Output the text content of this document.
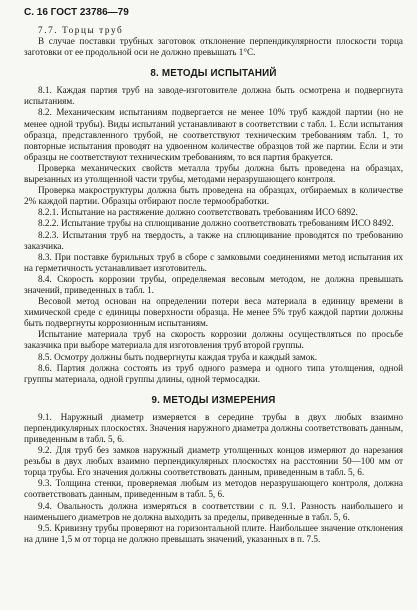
С. 16 ГОСТ 23786—79

7.7. Торцы труб

В случае поставки трубных заготовок отклонение перпендикулярности плоскости торца заготовки от ее продольной оси не должно превышать 1°С.

8. МЕТОДЫ ИСПЫТАНИЙ

8.1. Каждая партия труб на заводе-изготовителе должна быть осмотрена и подвергнута испытаниям.

8.2. Механическим испытаниям подвергается не менее 10% труб каждой партии (но не менее одной трубы). Виды испытаний устанавливают в соответствии с табл. 1. Если испытания образца, представленного трубой, не соответствуют техническим требованиям табл. 1, то повторные испытания проводят на удвоенном количестве образцов той же партии. Если и эти образцы не соответствуют техническим требованиям, то вся партия бракуется.

Проверка механических свойств металла трубы должна быть проведена на образцах, вырезанных из утолщенной части трубы, методами неразрушающего контроля.

Проверка макроструктуры должна быть проведена на образцах, отбираемых в количестве 2% каждой партии. Образцы отбирают после термообработки.

8.2.1. Испытание на растяжение должно соответствовать требованиям ИСО 6892.

8.2.2. Испытание трубы на сплющивание должно соответствовать требованиям ИСО 8492.

8.2.3. Испытания труб на твердость, а также на сплющивание проводятся по требованию заказчика.

8.3. При поставке бурильных труб в сборе с замковыми соединениями метод испытания их на герметичность устанавливает изготовитель.

8.4. Скорость коррозии трубы, определяемая весовым методом, не должна превышать значений, приведенных в табл. 1.

Весовой метод основан на определении потери веса материала в единицу времени в химической среде с единицы поверхности образца. Не менее 5% труб каждой партии должны быть подвергнуты коррозионным испытаниям.

Испытание материала труб на скорость коррозии должны осуществляться по просьбе заказчика при выборе материала для изготовления труб второй группы.

8.5. Осмотру должны быть подвергнуты каждая труба и каждый замок.

8.6. Партия должна состоять из труб одного размера и одного типа утолщения, одной группы материала, одной группы длины, одной термосадки.

9. МЕТОДЫ ИЗМЕРЕНИЯ

9.1. Наружный диаметр измеряется в середине трубы в двух любых взаимно перпендикулярных плоскостях. Значения наружного диаметра должны соответствовать данным, приведенным в табл. 5, 6.

9.2. Для труб без замков наружный диаметр утолщенных концов измеряют до нарезания резьбы в двух любых взаимно перпендикулярных плоскостях на расстоянии 50—100 мм от торца трубы. Его значения должны соответствовать данным, приведенным в табл. 5, 6.

9.3. Толщина стенки, проверяемая любым из методов неразрушающего контроля, должна соответствовать данным, приведенным в табл. 5, 6.

9.4. Овальность должна измеряться в соответствии с п. 9.1. Разность наибольшего и наименьшего диаметров не должна выходить за пределы, приведенные в табл. 5, 6.

9.5. Кривизну трубы проверяют на горизонтальной плите. Наибольшее значение отклонения на длине 1,5 м от торца не должно превышать значений, указанных в п. 7.5.
